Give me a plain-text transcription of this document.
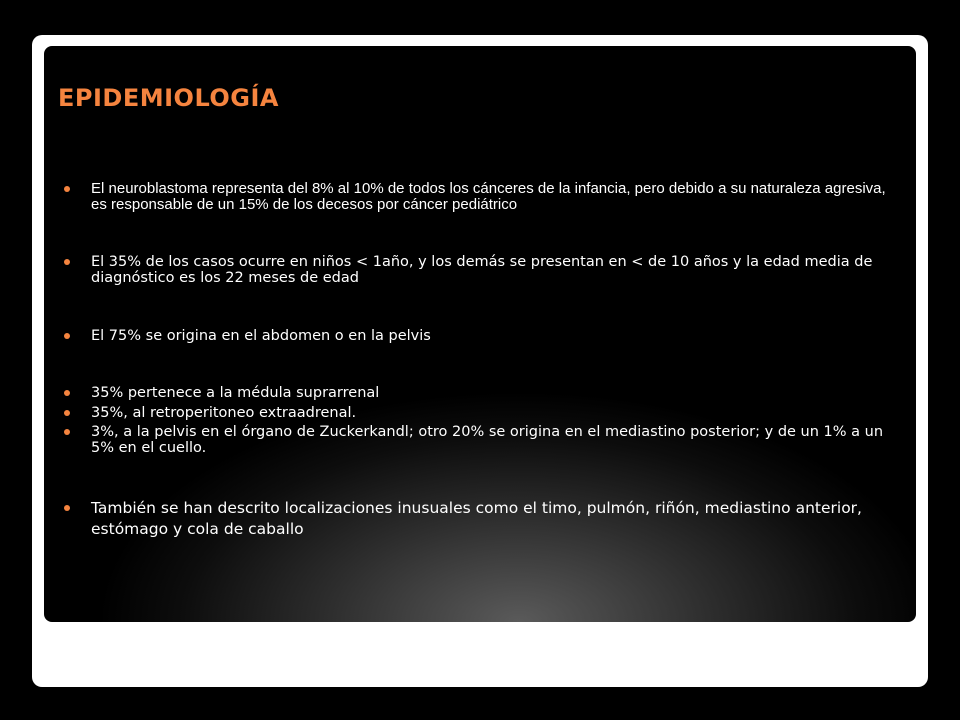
EPIDEMIOLOGÍA
El neuroblastoma representa del 8% al 10% de todos los cánceres de la infancia, pero debido a su naturaleza agresiva, es responsable de un 15% de los decesos por cáncer pediátrico
El 35% de los casos ocurre en niños < 1año, y los demás se presentan en < de 10 años y la edad media de diagnóstico es los 22 meses de edad
El 75% se origina en el abdomen o en la pelvis
35% pertenece a la médula suprarrenal
35%, al retroperitoneo extraadrenal.
3%, a la pelvis en el órgano de Zuckerkandl; otro 20% se origina en el mediastino posterior; y de un 1% a un 5% en el cuello.
También se han descrito localizaciones inusuales como el timo, pulmón, riñón, mediastino anterior, estómago y cola de caballo
